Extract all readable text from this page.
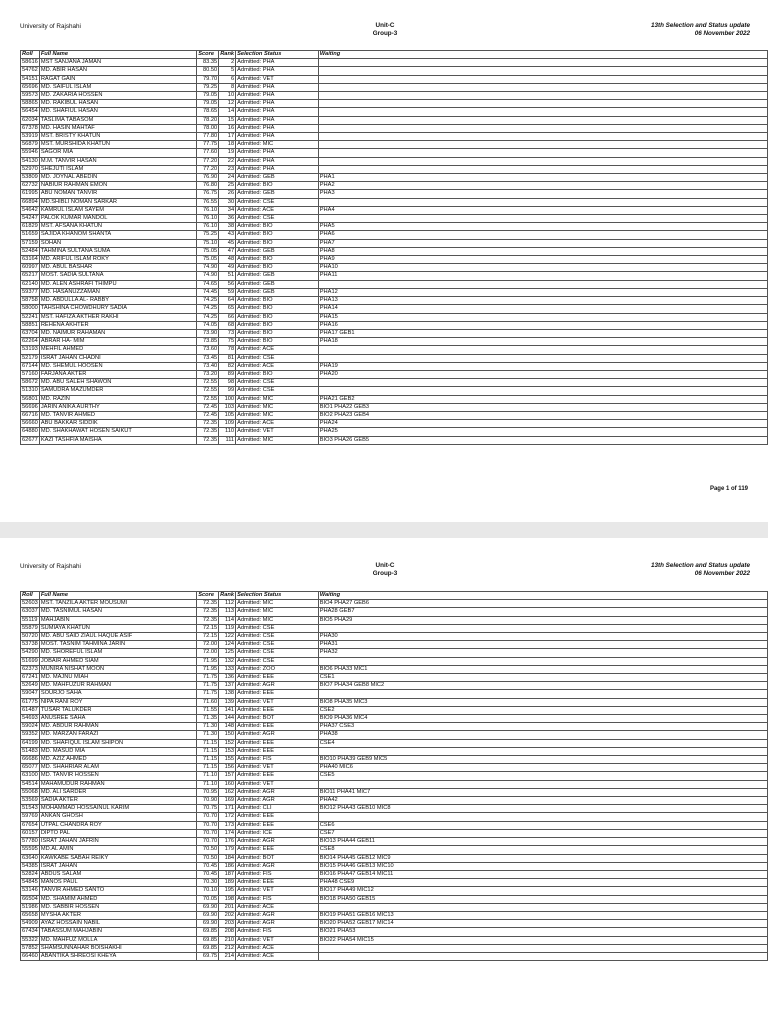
University of Rajshahi	Unit-C
Group-3
13th Selection and Status update
06 November 2022
Roll	Full Name	Score	Rank	Selection Status	Waiting
58616	MST SANJANA JAMAN	83.35	2	Admitted: PHA	
54762	MD. ABIR HASAN	80.50	5	Admitted: PHA	
54151	RAGAT GAIN	79.70	6	Admitted: VET	
65696	MD. SAIFUL ISLAM	79.25	8	Admitted: PHA	
59573	MD. ZAKARIA HOSSEN	79.05	10	Admitted: PHA	
58865	MD. RAKIBUL HASAN	79.05	12	Admitted: PHA	
56454	MD. SHAFIUL HASAN	78.65	14	Admitted: PHA	
62034	TASLIMA TABASOM	78.20	15	Admitted: PHA	
67378	MD. HASIN MAHTAF	78.00	16	Admitted: PHA	
53919	MST. BRISTY KHATUN	77.80	17	Admitted: PHA	
56879	MST. MURSHIDA KHATUN	77.75	18	Admitted: MIC	
55946	SAGOR MIA	77.60	19	Admitted: PHA	
54130	M.M. TANVIR HASAN	77.20	22	Admitted: PHA	
52970	SHEJUTI ISLAM	77.20	23	Admitted: PHA	
53809	MD. JOYNAL ABEDIN	76.90	24	Admitted: GEB	PHA1
62732	NABIUR RAHMAN EMON	76.80	25	Admitted: BIO	PHA2
61995	ABU NOMAN TANVIR	76.75	26	Admitted: GEB	PHA3
66894	MD.SHIBLI NOMAN SARKAR	76.55	30	Admitted: CSE	
54642	KAMRUL ISLAM SAYEM	76.10	34	Admitted: ACE	PHA4
54247	PALOK KUMAR MANDOL	76.10	36	Admitted: CSE	
61829	MST. AFSANA KHATUN	76.10	38	Admitted: BIO	PHA5
51659	SAJIDA KHANOM SHANTA	75.25	43	Admitted: BIO	PHA6
57159	SOHAN	75.10	45	Admitted: BIO	PHA7
52484	TAHMINA SULTANA SUMA	75.05	47	Admitted: GEB	PHA8
63164	MD. ARIFUL ISLAM ROKY	75.05	48	Admitted: BIO	PHA9
60997	MD. ABUL BASHAR	74.90	49	Admitted: BIO	PHA10
65217	MOST. SADIA SULTANA	74.90	51	Admitted: GEB	PHA11
62140	MD. ALEN ASHRAFI THIMPU	74.65	56	Admitted: GEB	
59377	MD. HASANUZZAMAN	74.45	59	Admitted: GEB	PHA12
58758	MD. ABDULLA AL- RABBY	74.25	64	Admitted: BIO	PHA13
58000	TAHSHINA CHOWDHURY SADIA	74.25	65	Admitted: BIO	PHA14
52241	MST. HAFIZA AKTHER RAKHI	74.25	66	Admitted: BIO	PHA15
58851	REHENA AKHTER	74.05	68	Admitted: BIO	PHA16
63704	MD. NAIMUR RAHAMAN	73.90	73	Admitted: BIO	PHA17 GEB1
62264	ABRAR HA- MIM	73.85	75	Admitted: BIO	PHA18
53193	MEHFIL AHMED	73.60	78	Admitted: ACE	
52179	ISRAT JAHAN CHADNI	73.45	81	Admitted: CSE	
67144	MD. SHEMUL HOOSEN	73.40	82	Admitted: ACE	PHA19
57160	FARJANA AKTER	73.20	89	Admitted: BIO	PHA20
58672	MD. ABU SALEH SHAWON	72.55	98	Admitted: CSE	
51310	SAMUDRA MAZUMDER	72.55	99	Admitted: CSE	
56801	MD. RAZIN	72.55	100	Admitted: MIC	PHA21 GEB2
56696	JARIN ANIKA AURTHY	72.45	103	Admitted: MIC	BIO1 PHA22 GEB3
66716	MD. TANVIR AHMED	72.45	105	Admitted: MIC	BIO2 PHA23 GEB4
56660	ABU BAKKAR SIDDIK	72.35	109	Admitted: ACE	PHA24
64880	MD. SHAKHAWAT HOSEN SAIKUT	72.35	110	Admitted: VET	PHA25
62677	KAZI TASHFIA MAISHA	72.35	111	Admitted: MIC	BIO3 PHA26 GEB5
Page 1 of 119
University of Rajshahi	Unit-C
Group-3
13th Selection and Status update
06 November 2022
Roll	Full Name	Score	Rank	Selection Status	Waiting
52603	MST. TANZILA AKTER MOUSUMI	72.35	112	Admitted: MIC	BIO4 PHA27 GEB6
63037	MD. TASNIMUL HASAN	72.35	113	Admitted: MIC	PHA28 GEB7
55119	MAHJABIN	72.35	114	Admitted: MIC	BIO5 PHA29
55879	SUMIAYA KHATUN	72.15	119	Admitted: CSE	
50720	MD. ABU SAID ZIAUL HAQUE ASIF	72.15	122	Admitted: CSE	PHA30
53738	MOST. TASNIM TAHMINA JARIN	72.00	124	Admitted: CSE	PHA31
54290	MD. SHOREFUL ISLAM	72.00	125	Admitted: CSE	PHA32
51699	JOBAIR AHMED SIAM	71.95	132	Admitted: CSE	
62373	MUNIRA NISHAT MOON	71.95	133	Admitted: ZOO	BIO6 PHA33 MIC1
67241	MD. MAJNU MIAH	71.75	136	Admitted: EEE	CSE1
52649	MD. MAHFUZUR RAHMAN	71.75	137	Admitted: AGR	BIO7 PHA34 GEB8 MIC2
59047	SOURJO SAHA	71.75	138	Admitted: EEE	
61775	NIPA RANI ROY	71.60	139	Admitted: VET	BIO8 PHA35 MIC3
61487	TUSAR TALUKDER	71.55	141	Admitted: EEE	CSE2
54693	ANUSREE SAHA	71.35	144	Admitted: BOT	BIO9 PHA36 MIC4
59024	MD. ABDUR RAHMAN	71.30	148	Admitted: EEE	PHA37 CSE3
59352	MD. MARZAN FARAZI	71.30	150	Admitted: AGR	PHA38
64199	MD. SHAFIQUL ISLAM SHIPON	71.15	152	Admitted: EEE	CSE4
51483	MD. MASUD MIA	71.15	153	Admitted: EEE	
66686	MD. AZIZ AHMED	71.15	155	Admitted: FIS	BIO10 PHA39 GEB9 MIC5
65077	MD. SHAHRIAR ALAM	71.15	156	Admitted: VET	PHA40 MIC6
63100	MD. TANVIR HOSSEN	71.10	157	Admitted: EEE	CSE5
54514	MAHAMUDUR RAHMAN	71.10	160	Admitted: VET	
55068	MD. ALI SARDER	70.95	162	Admitted: AGR	BIO11 PHA41 MIC7
53569	SADIA AKTER	70.90	169	Admitted: AGR	PHA42
51543	MOHAMMAD HOSSAINUL KARIM	70.75	171	Admitted: CLI	BIO12 PHA43 GEB10 MIC8
59769	ANKAN GHOSH	70.70	172	Admitted: EEE	
67654	UTPAL CHANDRA ROY	70.70	173	Admitted: EEE	CSE6
60157	DIPTO PAL	70.70	174	Admitted: ICE	CSE7
57780	ISRAT JAHAN JAFRIN	70.70	176	Admitted: AGR	BIO13 PHA44 GEB11
55595	MD.AL AMIN	70.50	179	Admitted: EEE	CSE8
63640	KAWKABE SABAH REIKY	70.50	184	Admitted: BOT	BIO14 PHA45 GEB12 MIC9
54385	ISRAT JAHAN	70.45	186	Admitted: AGR	BIO15 PHA46 GEB13 MIC10
52824	ABDUS SALAM	70.45	187	Admitted: FIS	BIO16 PHA47 GEB14 MIC11
54845	MANOS PAUL	70.30	189	Admitted: EEE	PHA48 CSE9
53146	TANVIR AHMED SANTO	70.10	195	Admitted: VET	BIO17 PHA49 MIC12
66504	MD. SHAMIM AHMED	70.05	198	Admitted: FIS	BIO18 PHA50 GEB15
51986	MD. SABBIR HOSSEN	69.90	201	Admitted: ACE	
65658	MYSHA AKTER	69.90	202	Admitted: AGR	BIO19 PHA51 GEB16 MIC13
54909	AYAZ HOSSAIN NABIL	69.90	203	Admitted: AGR	BIO20 PHA52 GEB17 MIC14
67434	TABASSUM MAHJABIN	69.85	208	Admitted: FIS	BIO21 PHA53
55322	MD. MAHFUZ MOLLA	69.85	210	Admitted: VET	BIO22 PHA54 MIC15
57852	SHAMSUNNAHAR BOISHAKHI	69.85	212	Admitted: ACE	
66460	ABANTIKA SHREOSI KHEYA	69.75	214	Admitted: ACE	
